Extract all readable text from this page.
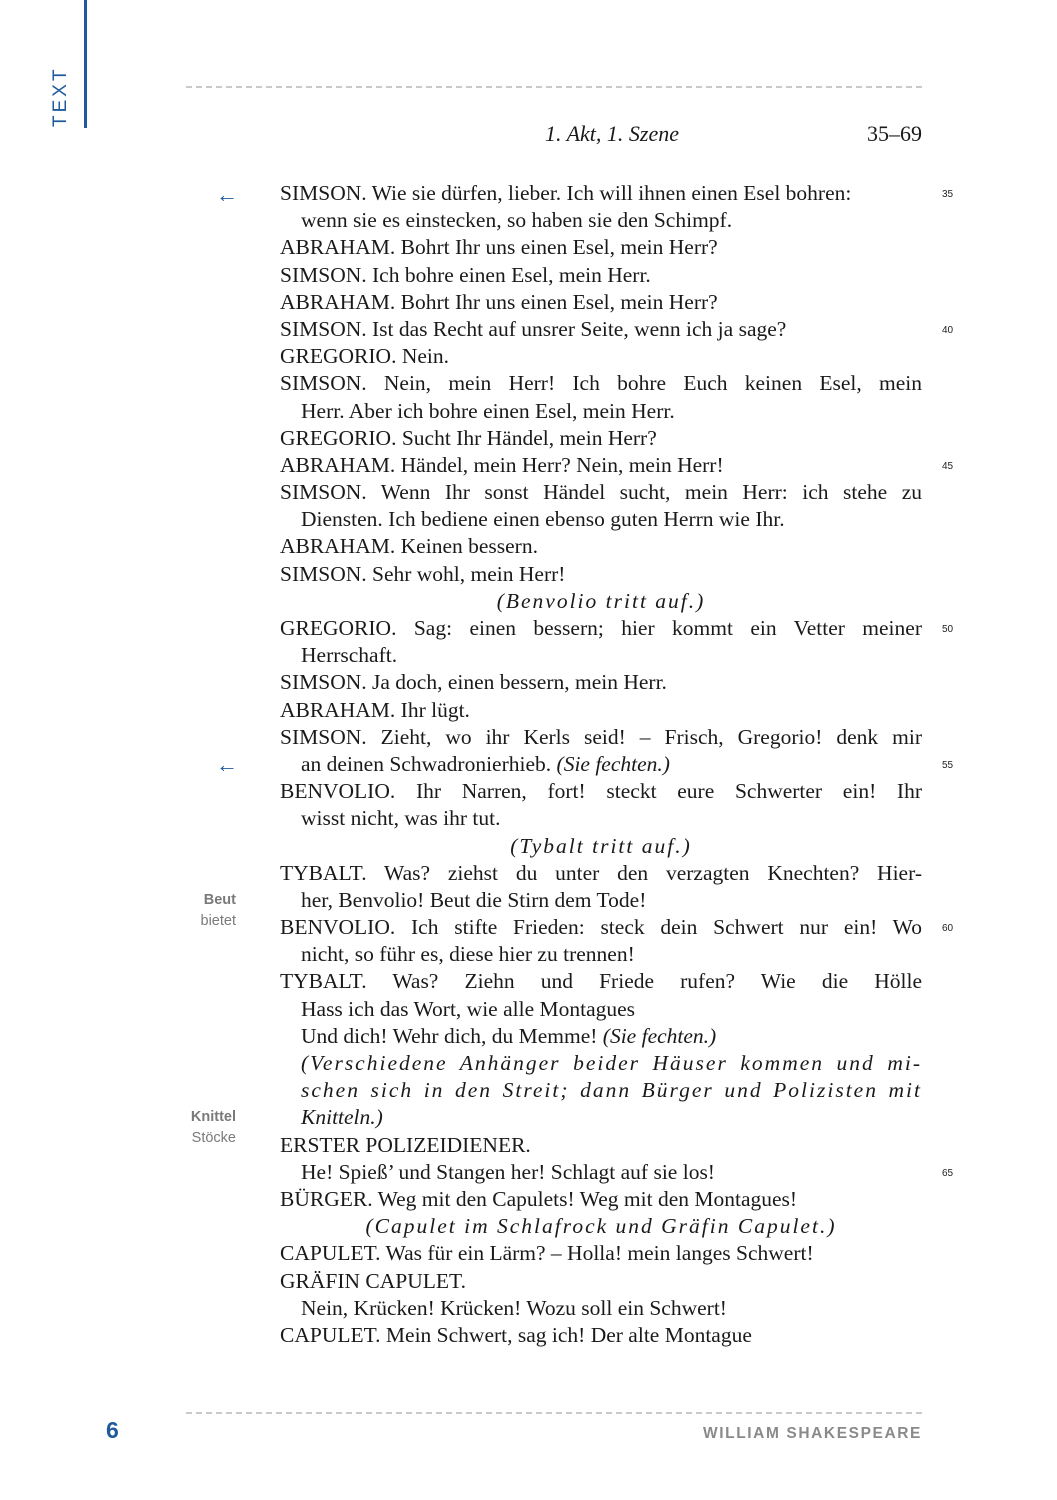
TEXT
1. Akt, 1. Szene	35–69
←
←
Beut
bietet
Knittel
Stöcke
SIMSON. Wie sie dürfen, lieber. Ich will ihnen einen Esel bohren:	35
wenn sie es einstecken, so haben sie den Schimpf.
ABRAHAM. Bohrt Ihr uns einen Esel, mein Herr?
SIMSON. Ich bohre einen Esel, mein Herr.
ABRAHAM. Bohrt Ihr uns einen Esel, mein Herr?
SIMSON. Ist das Recht auf unsrer Seite, wenn ich ja sage?	40
GREGORIO. Nein.
SIMSON. Nein, mein Herr! Ich bohre Euch keinen Esel, mein
Herr. Aber ich bohre einen Esel, mein Herr.
GREGORIO. Sucht Ihr Händel, mein Herr?
ABRAHAM. Händel, mein Herr? Nein, mein Herr!	45
SIMSON. Wenn Ihr sonst Händel sucht, mein Herr: ich stehe zu
Diensten. Ich bediene einen ebenso guten Herrn wie Ihr.
ABRAHAM. Keinen bessern.
SIMSON. Sehr wohl, mein Herr!
(Benvolio tritt auf.)
GREGORIO. Sag: einen bessern; hier kommt ein Vetter meiner 50
Herrschaft.
SIMSON. Ja doch, einen bessern, mein Herr.
ABRAHAM. Ihr lügt.
SIMSON. Zieht, wo ihr Kerls seid! – Frisch, Gregorio! denk mir
an deinen Schwadronierhieb. (Sie fechten.)	55
BENVOLIO. Ihr Narren, fort! steckt eure Schwerter ein! Ihr
wisst nicht, was ihr tut.
(Tybalt tritt auf.)
TYBALT. Was? ziehst du unter den verzagten Knechten? Hier-
her, Benvolio! Beut die Stirn dem Tode!
BENVOLIO. Ich stifte Frieden: steck dein Schwert nur ein! Wo 60
nicht, so führ es, diese hier zu trennen!
TYBALT. Was? Ziehn und Friede rufen? Wie die Hölle
Hass ich das Wort, wie alle Montagues
Und dich! Wehr dich, du Memme! (Sie fechten.)
(Verschiedene Anhänger beider Häuser kommen und mi-
schen sich in den Streit; dann Bürger und Polizisten mit
Knitteln.)
ERSTER POLIZEIDIENER.
He! Spieß’ und Stangen her! Schlagt auf sie los!	65
BÜRGER. Weg mit den Capulets! Weg mit den Montagues!
(Capulet im Schlafrock und Gräfin Capulet.)
CAPULET. Was für ein Lärm? – Holla! mein langes Schwert!
GRÄFIN CAPULET.
Nein, Krücken! Krücken! Wozu soll ein Schwert!
CAPULET. Mein Schwert, sag ich! Der alte Montague
6	WILLIAM SHAKESPEARE
